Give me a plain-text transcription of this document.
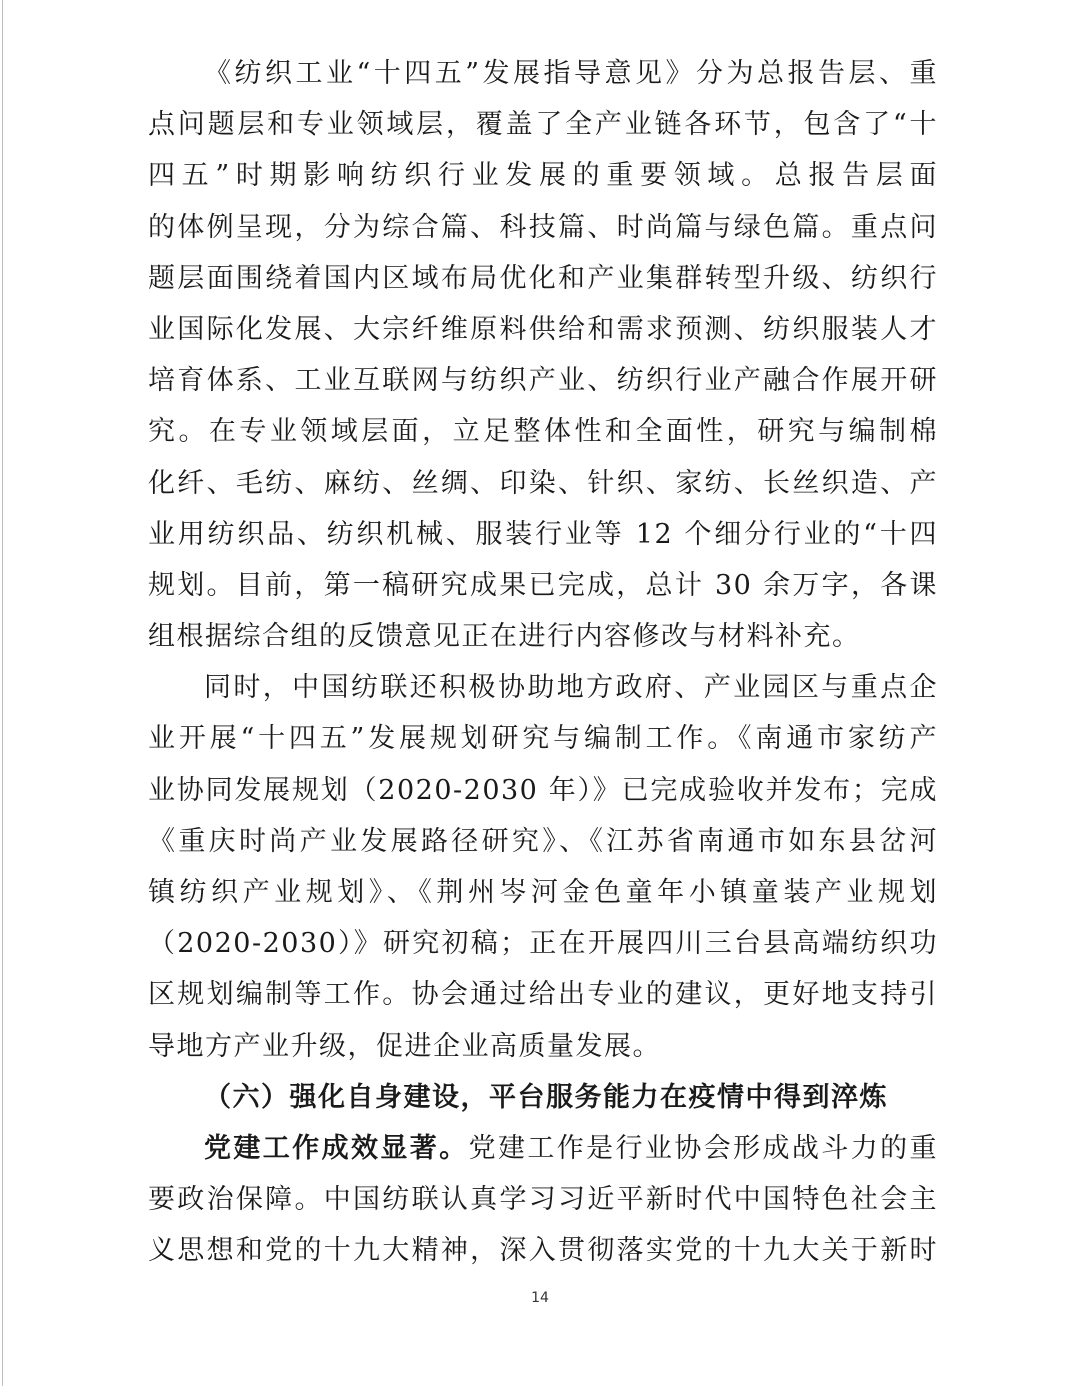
《纺织工业“十四五”发展指导意见》分为总报告层、重
点问题层和专业领域层，覆盖了全产业链各环节，包含了“十
四五”时期影响纺织行业发展的重要领域。总报告层面
的体例呈现，分为综合篇、科技篇、时尚篇与绿色篇。重点问
题层面围绕着国内区域布局优化和产业集群转型升级、纺织行
业国际化发展、大宗纤维原料供给和需求预测、纺织服装人才
培育体系、工业互联网与纺织产业、纺织行业产融合作展开研
究。在专业领域层面，立足整体性和全面性，研究与编制棉
化纤、毛纺、麻纺、丝绸、印染、针织、家纺、长丝织造、产
业用纺织品、纺织机械、服装行业等 12 个细分行业的“十四
规划。目前，第一稿研究成果已完成，总计 30 余万字，各课
组根据综合组的反馈意见正在进行内容修改与材料补充。
同时，中国纺联还积极协助地方政府、产业园区与重点企
业开展“十四五”发展规划研究与编制工作。《南通市家纺产
业协同发展规划（2020-2030 年）》已完成验收并发布；完成
《重庆时尚产业发展路径研究》、《江苏省南通市如东县岔河
镇纺织产业规划》、《荆州岑河金色童年小镇童装产业规划
（2020-2030）》研究初稿；正在开展四川三台县高端纺织功
区规划编制等工作。协会通过给出专业的建议，更好地支持引
导地方产业升级，促进企业高质量发展。
（六）强化自身建设，平台服务能力在疫情中得到淬炼
党建工作成效显著。党建工作是行业协会形成战斗力的重
要政治保障。中国纺联认真学习习近平新时代中国特色社会主
义思想和党的十九大精神，深入贯彻落实党的十九大关于新时
14
